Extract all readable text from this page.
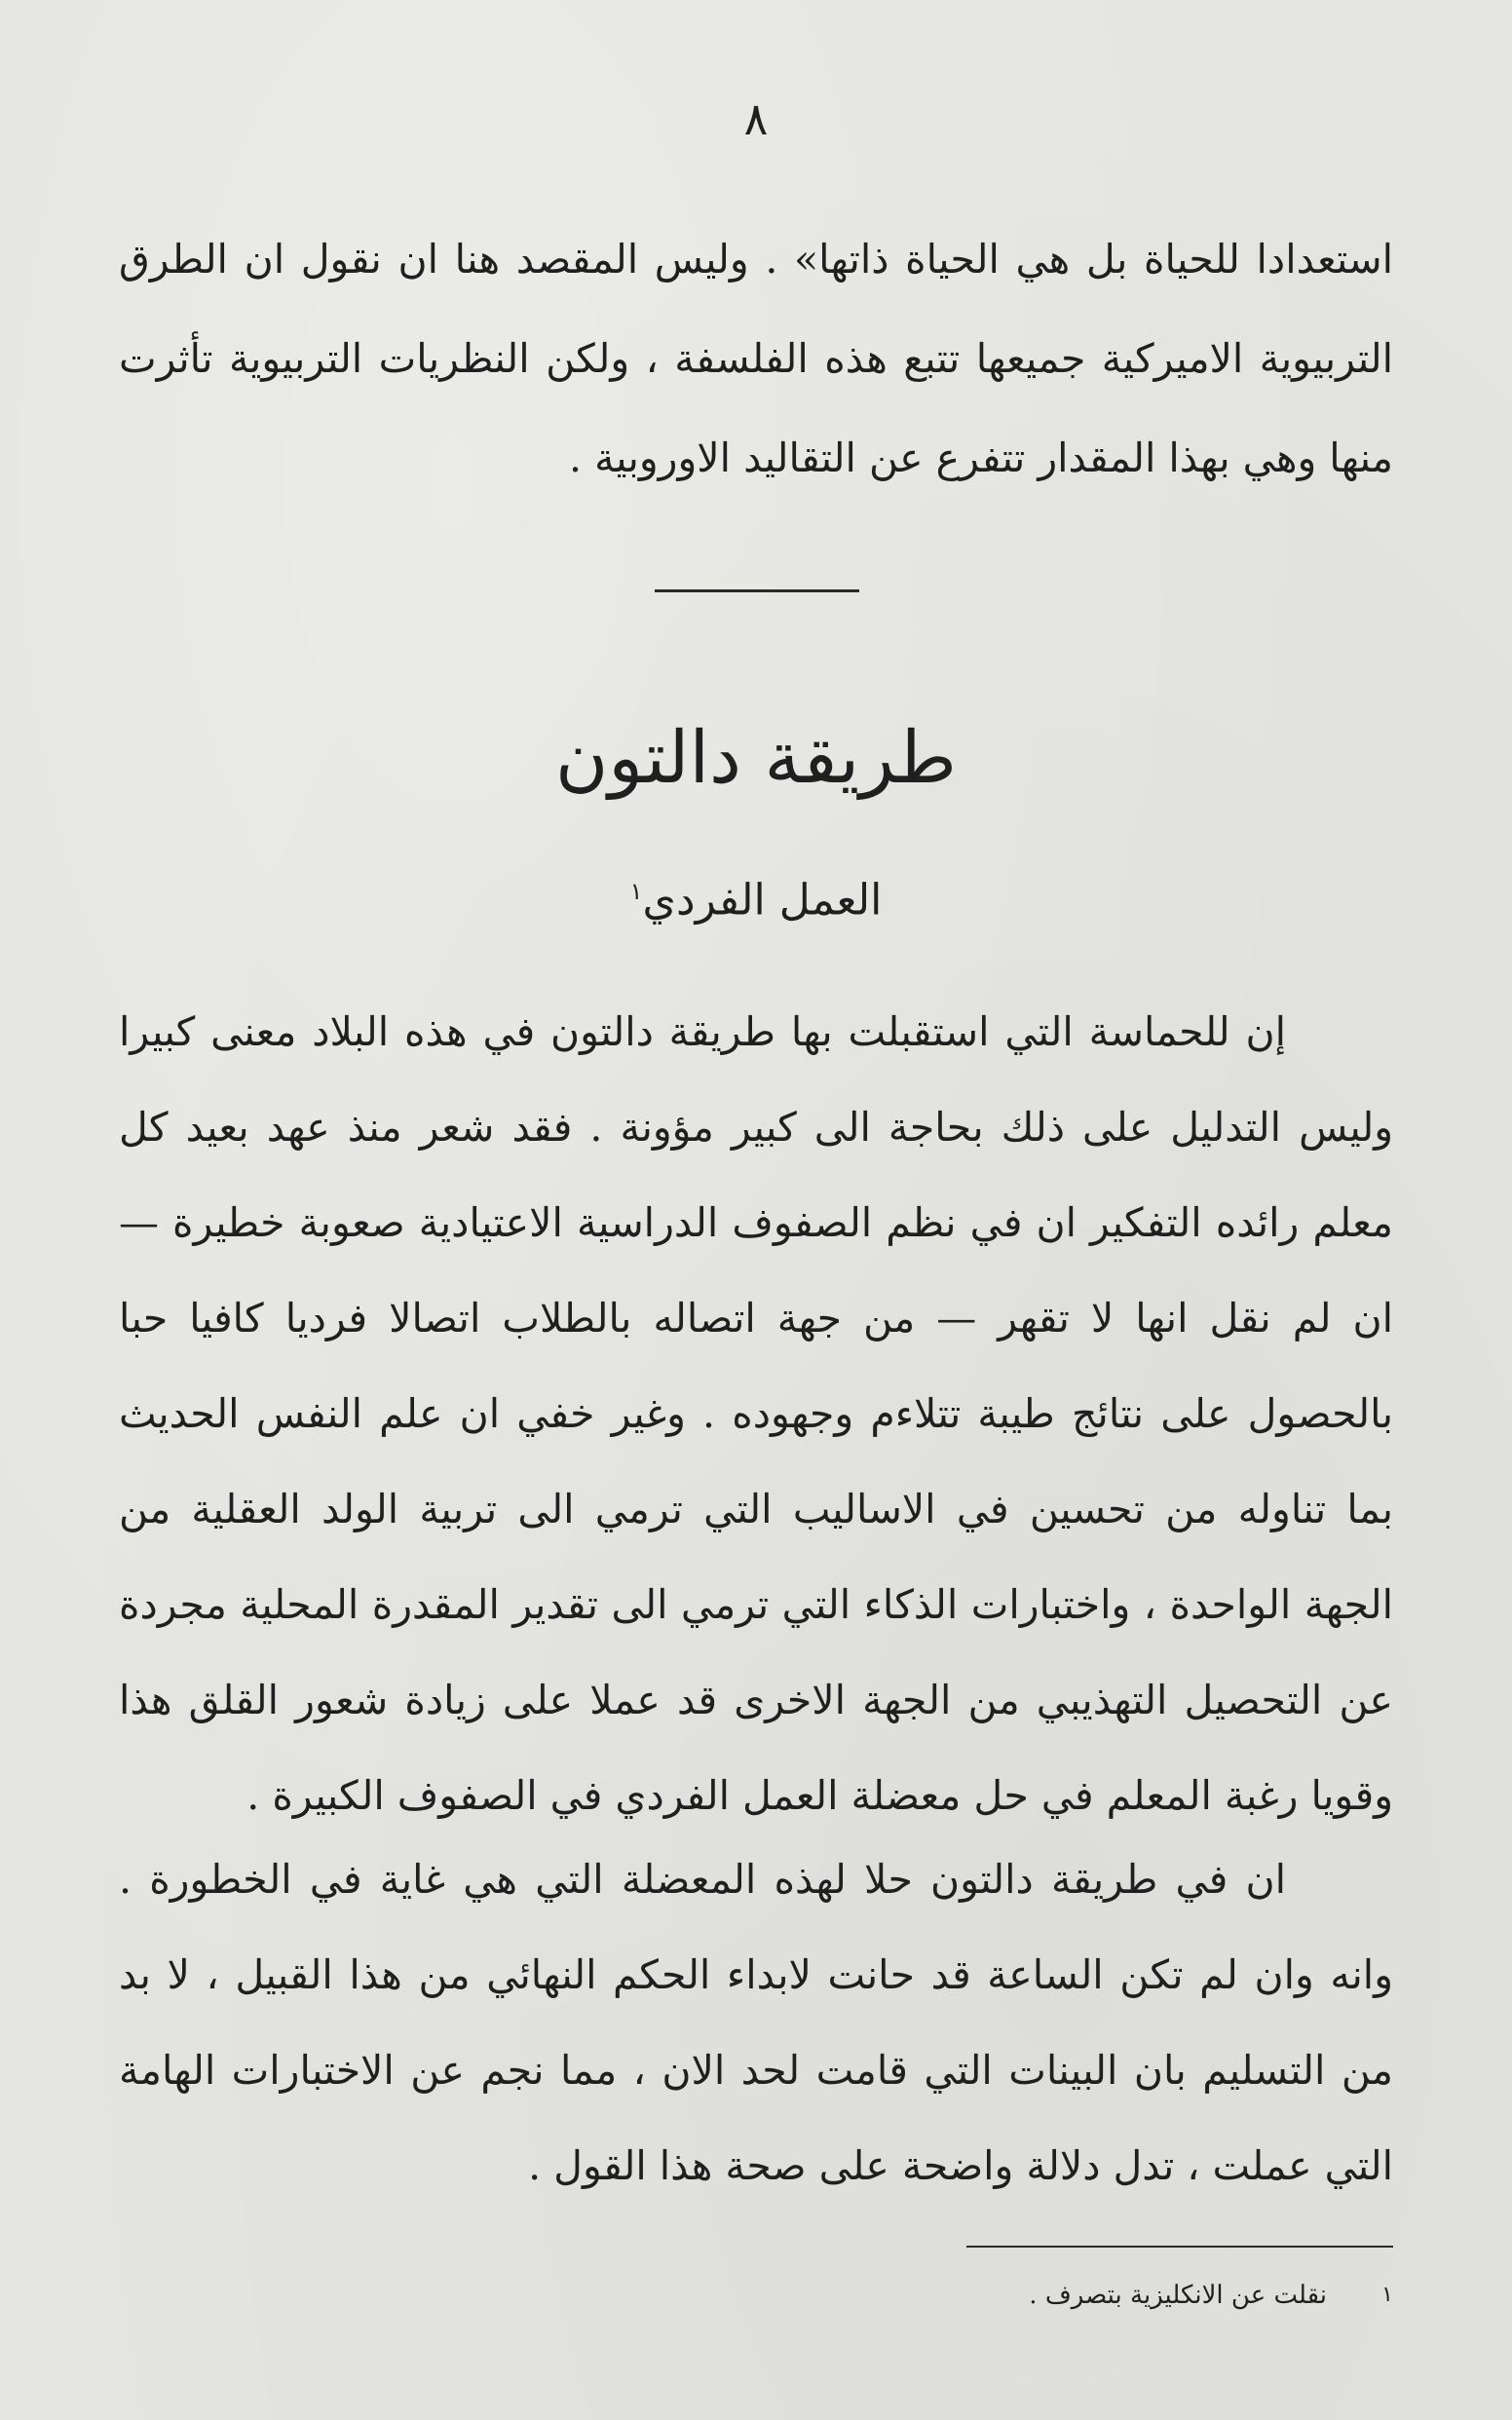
٨

استعدادا للحياة بل هي الحياة ذاتها» . وليس المقصد هنا ان نقول ان الطرق التربيوية الاميركية جميعها تتبع هذه الفلسفة ، ولكن النظريات التربيوية تأثرت منها وهي بهذا المقدار تتفرع عن التقاليد الاوروبية .

طريقة دالتون
العمل الفردي$^١$

إن للحماسة التي استقبلت بها طريقة دالتون في هذه البلاد معنى كبيرا وليس التدليل على ذلك بحاجة الى كبير مؤونة . فقد شعر منذ عهد بعيد كل معلم رائده التفكير ان في نظم الصفوف الدراسية الاعتيادية صعوبة خطيرة — ان لم نقل انها لا تقهر — من جهة اتصاله بالطلاب اتصالا فرديا كافيا حبا بالحصول على نتائج طيبة تتلاءم وجهوده . وغير خفي ان علم النفس الحديث بما تناوله من تحسين في الاساليب التي ترمي الى تربية الولد العقلية من الجهة الواحدة ، واختبارات الذكاء التي ترمي الى تقدير المقدرة المحلية مجردة عن التحصيل التهذيبي من الجهة الاخرى قد عملا على زيادة شعور القلق هذا وقويا رغبة المعلم في حل معضلة العمل الفردي في الصفوف الكبيرة .

ان في طريقة دالتون حلا لهذه المعضلة التي هي غاية في الخطورة . وانه وان لم تكن الساعة قد حانت لابداء الحكم النهائي من هذا القبيل ، لا بد من التسليم بان البينات التي قامت لحد الان ، مما نجم عن الاختبارات الهامة التي عملت ، تدل دلالة واضحة على صحة هذا القول .

نقلت عن الانكليزية بتصرف .	١
